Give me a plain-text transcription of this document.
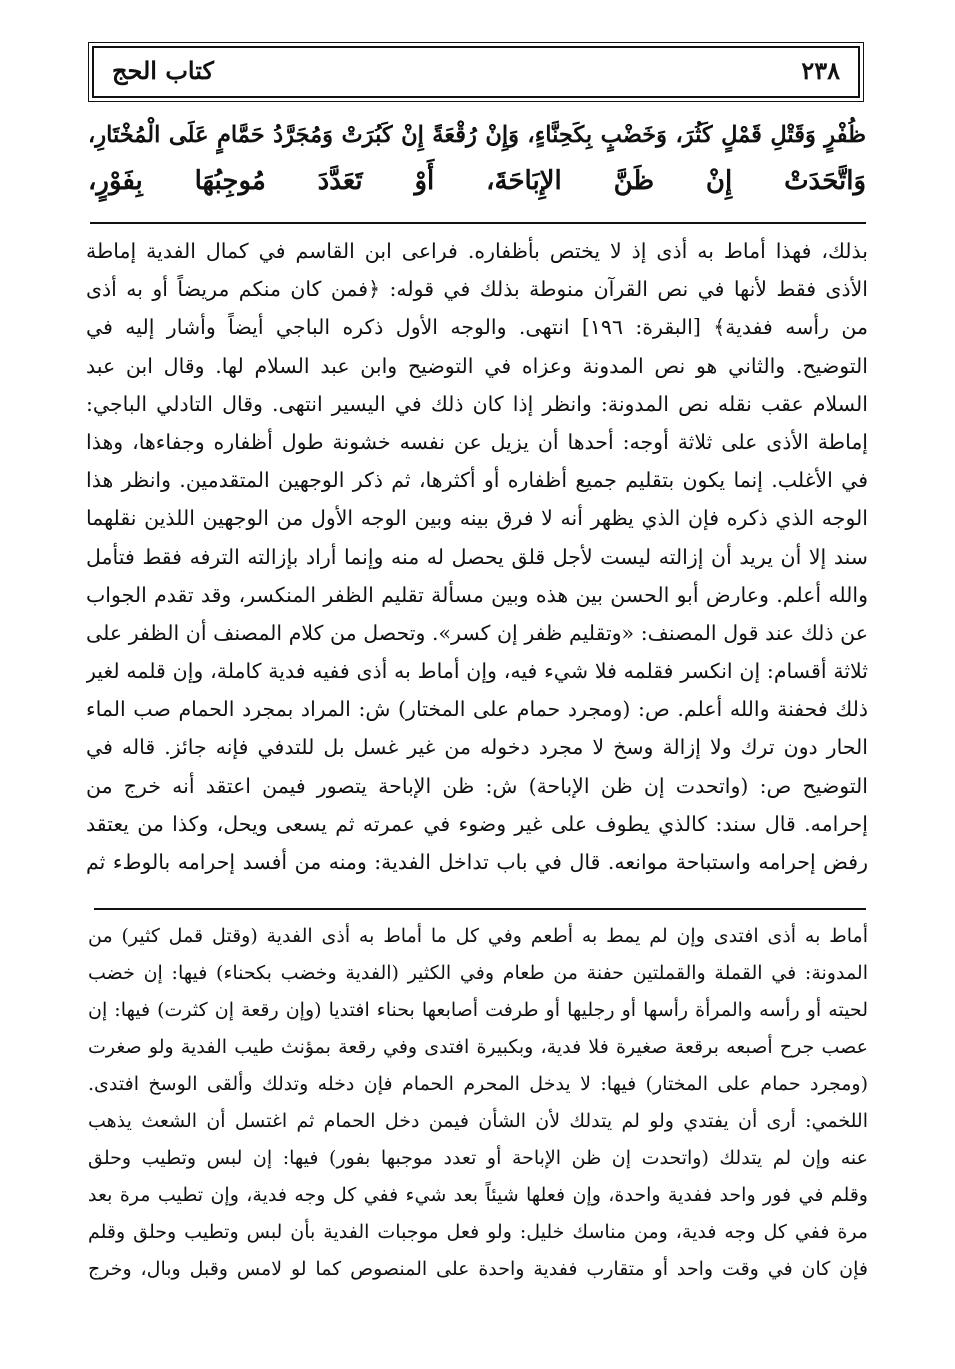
٢٣٨
كتاب الحج
ظُفْرٍ وَقَتْلِ قَمْلٍ كَثُرَ، وَخَضْبٍ بِكَحِنَّاءٍ، وَإِنْ رُقْعَةً إِنْ كَبُرَتْ وَمُجَرَّدُ حَمَّامٍ عَلَى الْمُخْتَارِ،
وَاتَّحَدَتْ إِنْ ظَنَّ الإِبَاحَةَ، أَوْ تَعَدَّدَ مُوجِبُهَا بِفَوْرٍ،
بذلك، فهذا أماط به أذى إذ لا يختص بأظفاره. فراعى ابن القاسم في كمال الفدية إماطة
الأذى فقط لأنها في نص القرآن منوطة بذلك في قوله: ﴿فمن كان منكم مريضاً أو به أذى
من رأسه ففدية﴾ [البقرة: ١٩٦] انتهى. والوجه الأول ذكره الباجي أيضاً وأشار إليه في
التوضيح. والثاني هو نص المدونة وعزاه في التوضيح وابن عبد السلام لها. وقال ابن عبد
السلام عقب نقله نص المدونة: وانظر إذا كان ذلك في اليسير انتهى. وقال التادلي الباجي:
إماطة الأذى على ثلاثة أوجه: أحدها أن يزيل عن نفسه خشونة طول أظفاره وجفاءها، وهذا
في الأغلب. إنما يكون بتقليم جميع أظفاره أو أكثرها، ثم ذكر الوجهين المتقدمين. وانظر هذا
الوجه الذي ذكره فإن الذي يظهر أنه لا فرق بينه وبين الوجه الأول من الوجهين اللذين نقلهما
سند إلا أن يريد أن إزالته ليست لأجل قلق يحصل له منه وإنما أراد بإزالته الترفه فقط فتأمل
والله أعلم. وعارض أبو الحسن بين هذه وبين مسألة تقليم الظفر المنكسر، وقد تقدم الجواب
عن ذلك عند قول المصنف: «وتقليم ظفر إن كسر». وتحصل من كلام المصنف أن الظفر على
ثلاثة أقسام: إن انكسر فقلمه فلا شيء فيه، وإن أماط به أذى ففيه فدية كاملة، وإن قلمه لغير
ذلك فحفنة والله أعلم. ص: (ومجرد حمام على المختار) ش: المراد بمجرد الحمام صب الماء
الحار دون ترك ولا إزالة وسخ لا مجرد دخوله من غير غسل بل للتدفي فإنه جائز. قاله في
التوضيح ص: (واتحدت إن ظن الإباحة) ش: ظن الإباحة يتصور فيمن اعتقد أنه خرج من
إحرامه. قال سند: كالذي يطوف على غير وضوء في عمرته ثم يسعى ويحل، وكذا من يعتقد
رفض إحرامه واستباحة موانعه. قال في باب تداخل الفدية: ومنه من أفسد إحرامه بالوطء ثم
أماط به أذى افتدى وإن لم يمط به أطعم وفي كل ما أماط به أذى الفدية (وقتل قمل كثير) من
المدونة: في القملة والقملتين حفنة من طعام وفي الكثير (الفدية وخضب بكحناء) فيها: إن خضب
لحيته أو رأسه والمرأة رأسها أو رجليها أو طرفت أصابعها بحناء افتديا (وإن رقعة إن كثرت) فيها: إن
عصب جرح أصبعه برقعة صغيرة فلا فدية، وبكبيرة افتدى وفي رقعة بمؤنث طيب الفدية ولو صغرت
(ومجرد حمام على المختار) فيها: لا يدخل المحرم الحمام فإن دخله وتدلك وألقى الوسخ افتدى.
اللخمي: أرى أن يفتدي ولو لم يتدلك لأن الشأن فيمن دخل الحمام ثم اغتسل أن الشعث يذهب
عنه وإن لم يتدلك (واتحدت إن ظن الإباحة أو تعدد موجبها بفور) فيها: إن لبس وتطيب وحلق
وقلم في فور واحد ففدية واحدة، وإن فعلها شيئاً بعد شيء ففي كل وجه فدية، وإن تطيب مرة بعد
مرة ففي كل وجه فدية، ومن مناسك خليل: ولو فعل موجبات الفدية بأن لبس وتطيب وحلق وقلم
فإن كان في وقت واحد أو متقارب ففدية واحدة على المنصوص كما لو لامس وقبل وبال، وخرج
